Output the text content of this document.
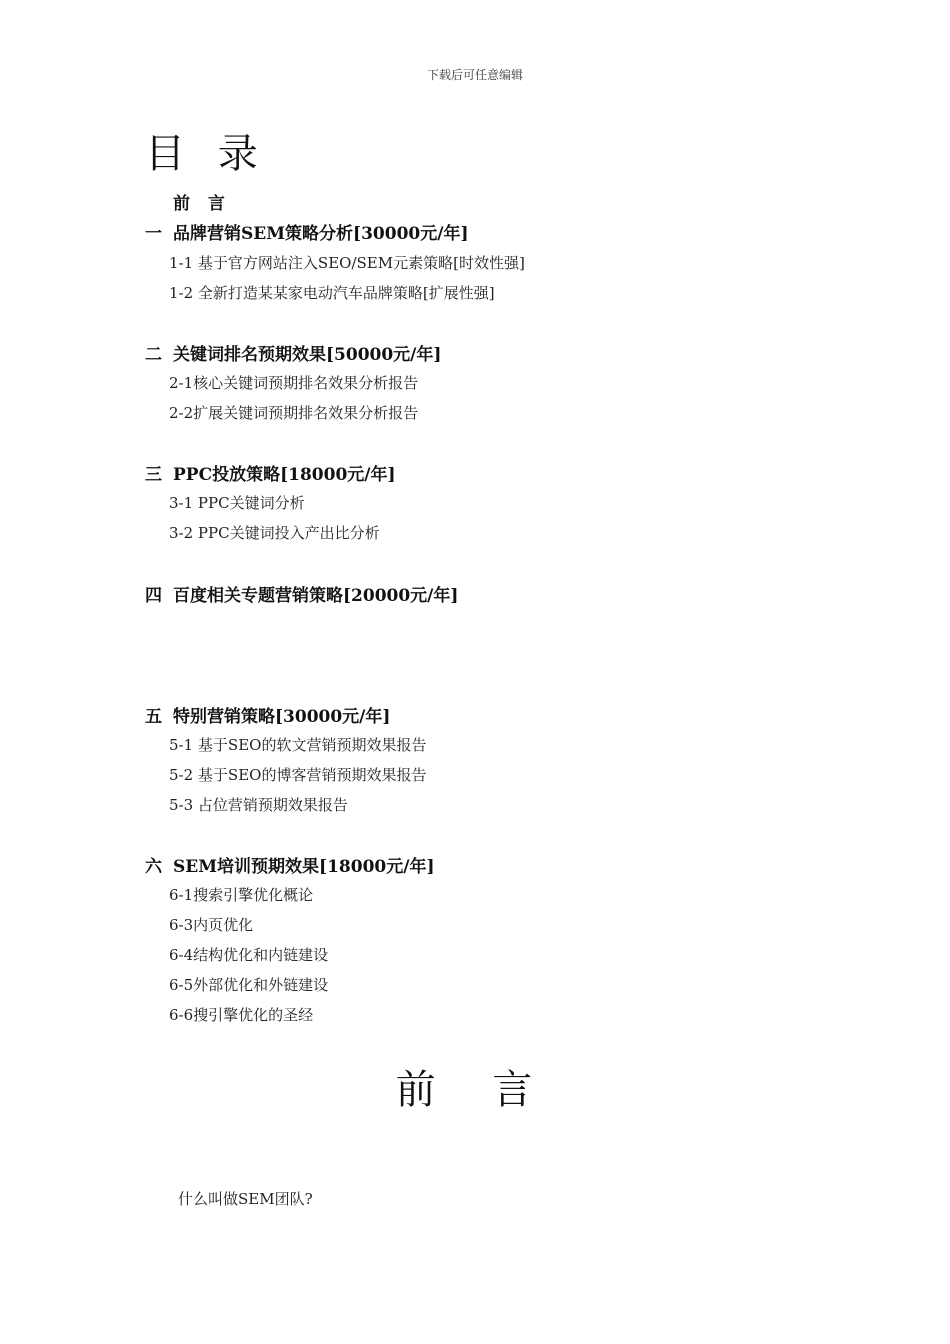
下载后可任意编辑
目 录
前 言
一 品牌营销SEM策略分析[30000元/年]
1-1 基于官方网站注入SEO/SEM元素策略[时效性强]
1-2 全新打造某某家电动汽车品牌策略[扩展性强]
二 关键词排名预期效果[50000元/年]
2-1核心关键词预期排名效果分析报告
2-2扩展关键词预期排名效果分析报告
三 PPC投放策略[18000元/年]
3-1 PPC关键词分析
3-2 PPC关键词投入产出比分析
四 百度相关专题营销策略[20000元/年]
五 特别营销策略[30000元/年]
5-1 基于SEO的软文营销预期效果报告
5-2 基于SEO的博客营销预期效果报告
5-3 占位营销预期效果报告
六 SEM培训预期效果[18000元/年]
6-1搜索引擎优化概论
6-3内页优化
6-4结构优化和内链建设
6-5外部优化和外链建设
6-6搜引擎优化的圣经
前 言
什么叫做SEM团队?
